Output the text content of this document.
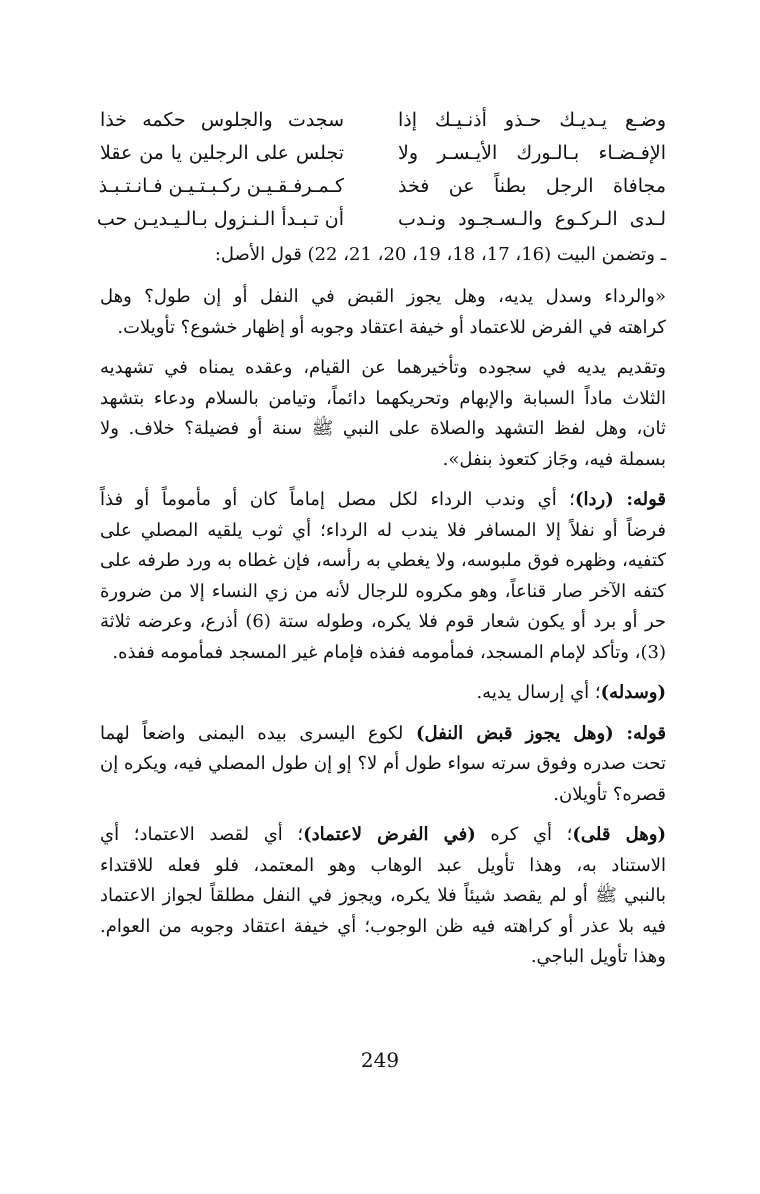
وضـع يـديـك حـذو أذنـيـك إذا
سجدت والجلوس حكمه خذا
الإفـضـاء بـالـورك الأيـسـر ولا
تجلس على الرجلين يا من عقلا
مجافاة الرجل بطناً عن فخذ
كـمـرفـقـيـن ركـبـتـيـن فـانـتـبـذ
لـدى الـركـوع والـسـجـود ونـدب
أن تـبـدأ الـنـزول بـالـيـديـن حب
ـ وتضمن البيت (16، 17، 18، 19، 20، 21، 22) قول الأصل:
«والرداء وسدل يديه، وهل يجوز القبض في النفل أو إن طول؟ وهل
كراهته في الفرض للاعتماد أو خيفة اعتقاد وجوبه أو إظهار خشوع؟ تأويلات.
وتقديم يديه في سجوده وتأخيرهما عن القيام، وعقده يمناه في تشهديه
الثلاث ماداً السبابة والإبهام وتحريكهما دائماً، وتيامن بالسلام ودعاء بتشهد
ثان، وهل لفظ التشهد والصلاة على النبي ﷺ سنة أو فضيلة؟ خلاف. ولا
بسملة فيه، وجَاز كتعوذ بنفل».
قوله: (ردا)؛ أي وندب الرداء لكل مصل إماماً كان أو مأموماً أو فذاً
فرضاً أو نفلاً إلا المسافر فلا يندب له الرداء؛ أي ثوب يلقيه المصلي على
كتفيه، وظهره فوق ملبوسه، ولا يغطي به رأسه، فإن غطاه به ورد طرفه على
كتفه الآخر صار قناعاً، وهو مكروه للرجال لأنه من زي النساء إلا من ضرورة
حر أو برد أو يكون شعار قوم فلا يكره، وطوله ستة (6) أذرع، وعرضه ثلاثة
(3)، وتأكد لإمام المسجد، فمأمومه ففذه فإمام غير المسجد فمأمومه ففذه.
(وسدله)؛ أي إرسال يديه.
قوله: (وهل يجوز قبض النفل) لكوع اليسرى بيده اليمنى واضعاً لهما
تحت صدره وفوق سرته سواء طول أم لا؟ إو إن طول المصلي فيه، ويكره إن
قصره؟ تأويلان.
(وهل قلى)؛ أي كره (في الفرض لاعتماد)؛ أي لقصد الاعتماد؛ أي
الاستناد به، وهذا تأويل عبد الوهاب وهو المعتمد، فلو فعله للاقتداء
بالنبي ﷺ أو لم يقصد شيئاً فلا يكره، ويجوز في النفل مطلقاً لجواز الاعتماد
فيه بلا عذر أو كراهته فيه ظن الوجوب؛ أي خيفة اعتقاد وجوبه من العوام.
وهذا تأويل الباجي.
249
